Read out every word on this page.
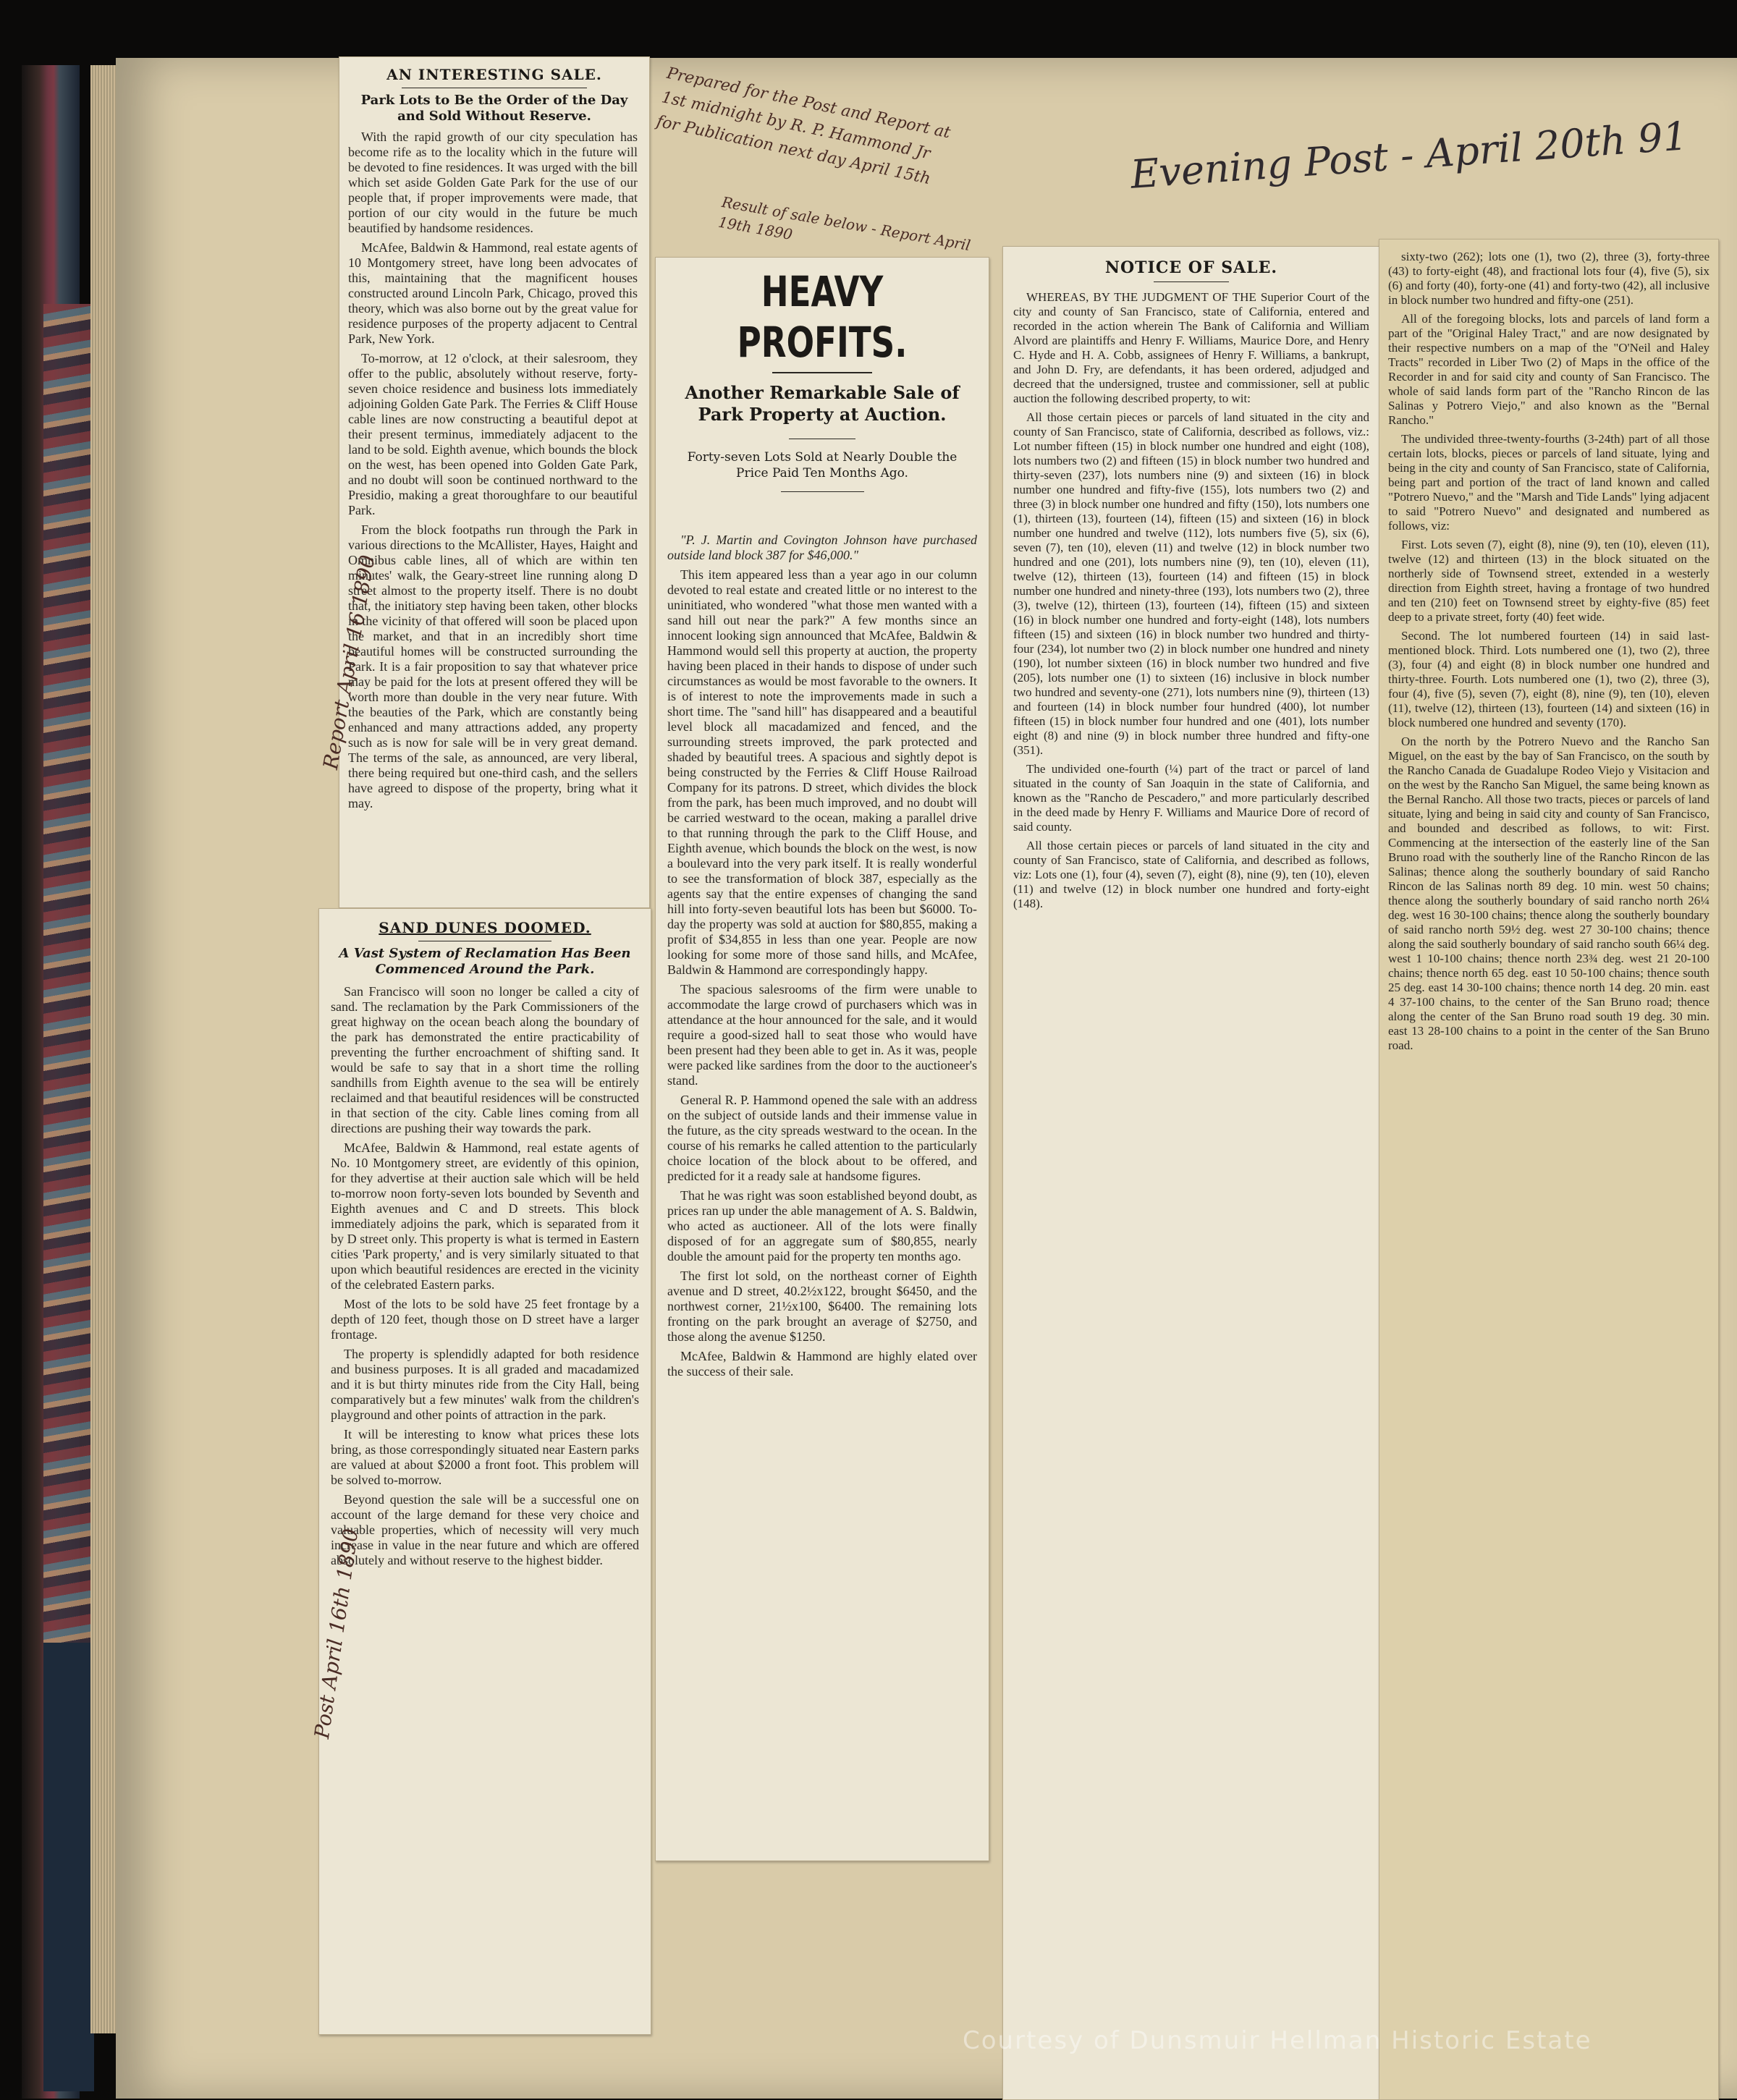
AN INTERESTING SALE.
Park Lots to Be the Order of the Day and Sold Without Reserve.

With the rapid growth of our city speculation has become rife as to the locality which in the future will be devoted to fine residences. It was urged with the bill which set aside Golden Gate Park for the use of our people that, if proper improvements were made, that portion of our city would in the future be much beautified by handsome residences.

McAfee, Baldwin & Hammond, real estate agents of 10 Montgomery street, have long been advocates of this, maintaining that the magnificent houses constructed around Lincoln Park, Chicago, proved this theory, which was also borne out by the great value for residence purposes of the property adjacent to Central Park, New York.

To-morrow, at 12 o'clock, at their salesroom, they offer to the public, absolutely without reserve, forty-seven choice residence and business lots immediately adjoining Golden Gate Park. The Ferries & Cliff House cable lines are now constructing a beautiful depot at their present terminus, immediately adjacent to the land to be sold. Eighth avenue, which bounds the block on the west, has been opened into Golden Gate Park, and no doubt will soon be continued northward to the Presidio, making a great thoroughfare to our beautiful Park.

From the block footpaths run through the Park in various directions to the McAllister, Hayes, Haight and Omnibus cable lines, all of which are within ten minutes' walk, the Geary-street line running along D street almost to the property itself. There is no doubt that, the initiatory step having been taken, other blocks in the vicinity of that offered will soon be placed upon the market, and that in an incredibly short time beautiful homes will be constructed surrounding the Park. It is a fair proposition to say that whatever price may be paid for the lots at present offered they will be worth more than double in the very near future. With the beauties of the Park, which are constantly being enhanced and many attractions added, any property such as is now for sale will be in very great demand. The terms of the sale, as announced, are very liberal, there being required but one-third cash, and the sellers have agreed to dispose of the property, bring what it may.

SAND DUNES DOOMED.
A Vast System of Reclamation Has Been Commenced Around the Park.

San Francisco will soon no longer be called a city of sand. The reclamation by the Park Commissioners of the great highway on the ocean beach along the boundary of the park has demonstrated the entire practicability of preventing the further encroachment of shifting sand. It would be safe to say that in a short time the rolling sandhills from Eighth avenue to the sea will be entirely reclaimed and that beautiful residences will be constructed in that section of the city. Cable lines coming from all directions are pushing their way towards the park.

McAfee, Baldwin & Hammond, real estate agents of No. 10 Montgomery street, are evidently of this opinion, for they advertise at their auction sale which will be held to-morrow noon forty-seven lots bounded by Seventh and Eighth avenues and C and D streets. This block immediately adjoins the park, which is separated from it by D street only. This property is what is termed in Eastern cities 'Park property,' and is very similarly situated to that upon which beautiful residences are erected in the vicinity of the celebrated Eastern parks.

Most of the lots to be sold have 25 feet frontage by a depth of 120 feet, though those on D street have a larger frontage.

The property is splendidly adapted for both residence and business purposes. It is all graded and macadamized and it is but thirty minutes ride from the City Hall, being comparatively but a few minutes' walk from the children's playground and other points of attraction in the park.

It will be interesting to know what prices these lots bring, as those correspondingly situated near Eastern parks are valued at about $2000 a front foot. This problem will be solved to-morrow.

Beyond question the sale will be a successful one on account of the large demand for these very choice and valuable properties, which of necessity will very much increase in value in the near future and which are offered absolutely and without reserve to the highest bidder.

HEAVY PROFITS.
Another Remarkable Sale of Park Property at Auction.
Forty-seven Lots Sold at Nearly Double the Price Paid Ten Months Ago.

"P. J. Martin and Covington Johnson have purchased outside land block 387 for $46,000."

This item appeared less than a year ago in our column devoted to real estate and created little or no interest to the uninitiated, who wondered "what those men wanted with a sand hill out near the park?" A few months since an innocent looking sign announced that McAfee, Baldwin & Hammond would sell this property at auction, the property having been placed in their hands to dispose of under such circumstances as would be most favorable to the owners. It is of interest to note the improvements made in such a short time. The "sand hill" has disappeared and a beautiful level block all macadamized and fenced, and the surrounding streets improved, the park protected and shaded by beautiful trees. A spacious and sightly depot is being constructed by the Ferries & Cliff House Railroad Company for its patrons. D street, which divides the block from the park, has been much improved, and no doubt will be carried westward to the ocean, making a parallel drive to that running through the park to the Cliff House, and Eighth avenue, which bounds the block on the west, is now a boulevard into the very park itself. It is really wonderful to see the transformation of block 387, especially as the agents say that the entire expenses of changing the sand hill into forty-seven beautiful lots has been but $6000. To-day the property was sold at auction for $80,855, making a profit of $34,855 in less than one year. People are now looking for some more of those sand hills, and McAfee, Baldwin & Hammond are correspondingly happy.

The spacious salesrooms of the firm were unable to accommodate the large crowd of purchasers which was in attendance at the hour announced for the sale, and it would require a good-sized hall to seat those who would have been present had they been able to get in. As it was, people were packed like sardines from the door to the auctioneer's stand.

General R. P. Hammond opened the sale with an address on the subject of outside lands and their immense value in the future, as the city spreads westward to the ocean. In the course of his remarks he called attention to the particularly choice location of the block about to be offered, and predicted for it a ready sale at handsome figures.

That he was right was soon established beyond doubt, as prices ran up under the able management of A. S. Baldwin, who acted as auctioneer. All of the lots were finally disposed of for an aggregate sum of $80,855, nearly double the amount paid for the property ten months ago.

The first lot sold, on the northeast corner of Eighth avenue and D street, 40.2½x122, brought $6450, and the northwest corner, 21½x100, $6400. The remaining lots fronting on the park brought an average of $2750, and those along the avenue $1250.

McAfee, Baldwin & Hammond are highly elated over the success of their sale.

NOTICE OF SALE.

WHEREAS, BY THE JUDGMENT OF THE Superior Court of the city and county of San Francisco, state of California, entered and recorded in the action wherein The Bank of California and William Alvord are plaintiffs and Henry F. Williams, Maurice Dore, and Henry C. Hyde and H. A. Cobb, assignees of Henry F. Williams, a bankrupt, and John D. Fry, are defendants, it has been ordered, adjudged and decreed that the undersigned, trustee and commissioner, sell at public auction the following described property, to wit:

All those certain pieces or parcels of land situated in the city and county of San Francisco, state of California, described as follows, viz.: Lot number fifteen (15) in block number one hundred and eight (108), lots numbers two (2) and fifteen (15) in block number two hundred and thirty-seven (237), lots numbers nine (9) and sixteen (16) in block number one hundred and fifty-five (155), lots numbers two (2) and three (3) in block number one hundred and fifty (150), lots numbers one (1), thirteen (13), fourteen (14), fifteen (15) and sixteen (16) in block number one hundred and twelve (112), lots numbers five (5), six (6), seven (7), ten (10), eleven (11) and twelve (12) in block number two hundred and one (201), lots numbers nine (9), ten (10), eleven (11), twelve (12), thirteen (13), fourteen (14) and fifteen (15) in block number one hundred and ninety-three (193), lots numbers two (2), three (3), twelve (12), thirteen (13), fourteen (14), fifteen (15) and sixteen (16) in block number one hundred and forty-eight (148), lots numbers fifteen (15) and sixteen (16) in block number two hundred and thirty-four (234), lot number two (2) in block number one hundred and ninety (190), lot number sixteen (16) in block number two hundred and five (205), lots number one (1) to sixteen (16) inclusive in block number two hundred and seventy-one (271), lots numbers nine (9), thirteen (13) and fourteen (14) in block number four hundred (400), lot number fifteen (15) in block number four hundred and one (401), lots number eight (8) and nine (9) in block number three hundred and fifty-one (351).

The undivided one-fourth (¼) part of the tract or parcel of land situated in the county of San Joaquin in the state of California, and known as the "Rancho de Pescadero," and more particularly described in the deed made by Henry F. Williams and Maurice Dore of record of said county.

All those certain pieces or parcels of land situated in the city and county of San Francisco, state of California, and described as follows, viz: Lots one (1), four (4), seven (7), eight (8), nine (9), ten (10), eleven (11) and twelve (12) in block number one hundred and forty-eight (148).

sixty-two (262); lots one (1), two (2), three (3), forty-three (43) to forty-eight (48), and fractional lots four (4), five (5), six (6) and forty (40), forty-one (41) and forty-two (42), all inclusive in block number two hundred and fifty-one (251).

All of the foregoing blocks, lots and parcels of land form a part of the "Original Haley Tract," and are now designated by their respective numbers on a map of the "O'Neil and Haley Tracts" recorded in Liber Two (2) of Maps in the office of the Recorder in and for said city and county of San Francisco. The whole of said lands form part of the "Rancho Rincon de las Salinas y Potrero Viejo," and also known as the "Bernal Rancho."

The undivided three-twenty-fourths (3-24th) part of all those certain lots, blocks, pieces or parcels of land situate, lying and being in the city and county of San Francisco, state of California, being part and portion of the tract of land known and called "Potrero Nuevo," and the "Marsh and Tide Lands" lying adjacent to said "Potrero Nuevo" and designated and numbered as follows, viz:

First. Lots seven (7), eight (8), nine (9), ten (10), eleven (11), twelve (12) and thirteen (13) in the block situated on the northerly side of Townsend street, extended in a westerly direction from Eighth street, having a frontage of two hundred and ten (210) feet on Townsend street by eighty-five (85) feet deep to a private street, forty (40) feet wide.

Second. The lot numbered fourteen (14) in said last-mentioned block. Third. Lots numbered one (1), two (2), three (3), four (4) and eight (8) in block number one hundred and thirty-three. Fourth. Lots numbered one (1), two (2), three (3), four (4), five (5), seven (7), eight (8), nine (9), ten (10), eleven (11), twelve (12), thirteen (13), fourteen (14) and sixteen (16) in block numbered one hundred and seventy (170).

On the north by the Potrero Nuevo and the Rancho San Miguel, on the east by the bay of San Francisco, on the south by the Rancho Canada de Guadalupe Rodeo Viejo y Visitacion and on the west by the Rancho San Miguel, the same being known as the Bernal Rancho. All those two tracts, pieces or parcels of land situate, lying and being in said city and county of San Francisco, and bounded and described as follows, to wit: First. Commencing at the intersection of the easterly line of the San Bruno road with the southerly line of the Rancho Rincon de las Salinas; thence along the southerly boundary of said Rancho Rincon de las Salinas north 89 deg. 10 min. west 50 chains; thence along the southerly boundary of said rancho north 26¼ deg. west 16 30-100 chains; thence along the southerly boundary of said rancho north 59½ deg. west 27 30-100 chains; thence along the said southerly boundary of said rancho south 66¼ deg. west 1 10-100 chains; thence north 23¾ deg. west 21 20-100 chains; thence north 65 deg. east 10 50-100 chains; thence south 25 deg. east 14 30-100 chains; thence north 14 deg. 20 min. east 4 37-100 chains, to the center of the San Bruno road; thence along the center of the San Bruno road south 19 deg. 30 min. east 13 28-100 chains to a point in the center of the San Bruno road.

Prepared for the Post and Report at 1st midnight by R. P. Hammond Jr for Publication next day April 15th
Result of sale below - Report April 19th 1890
Evening Post - April 20th 91
Report April 16 1890
Post April 16th 1890
Courtesy of Dunsmuir Hellman Historic Estate
